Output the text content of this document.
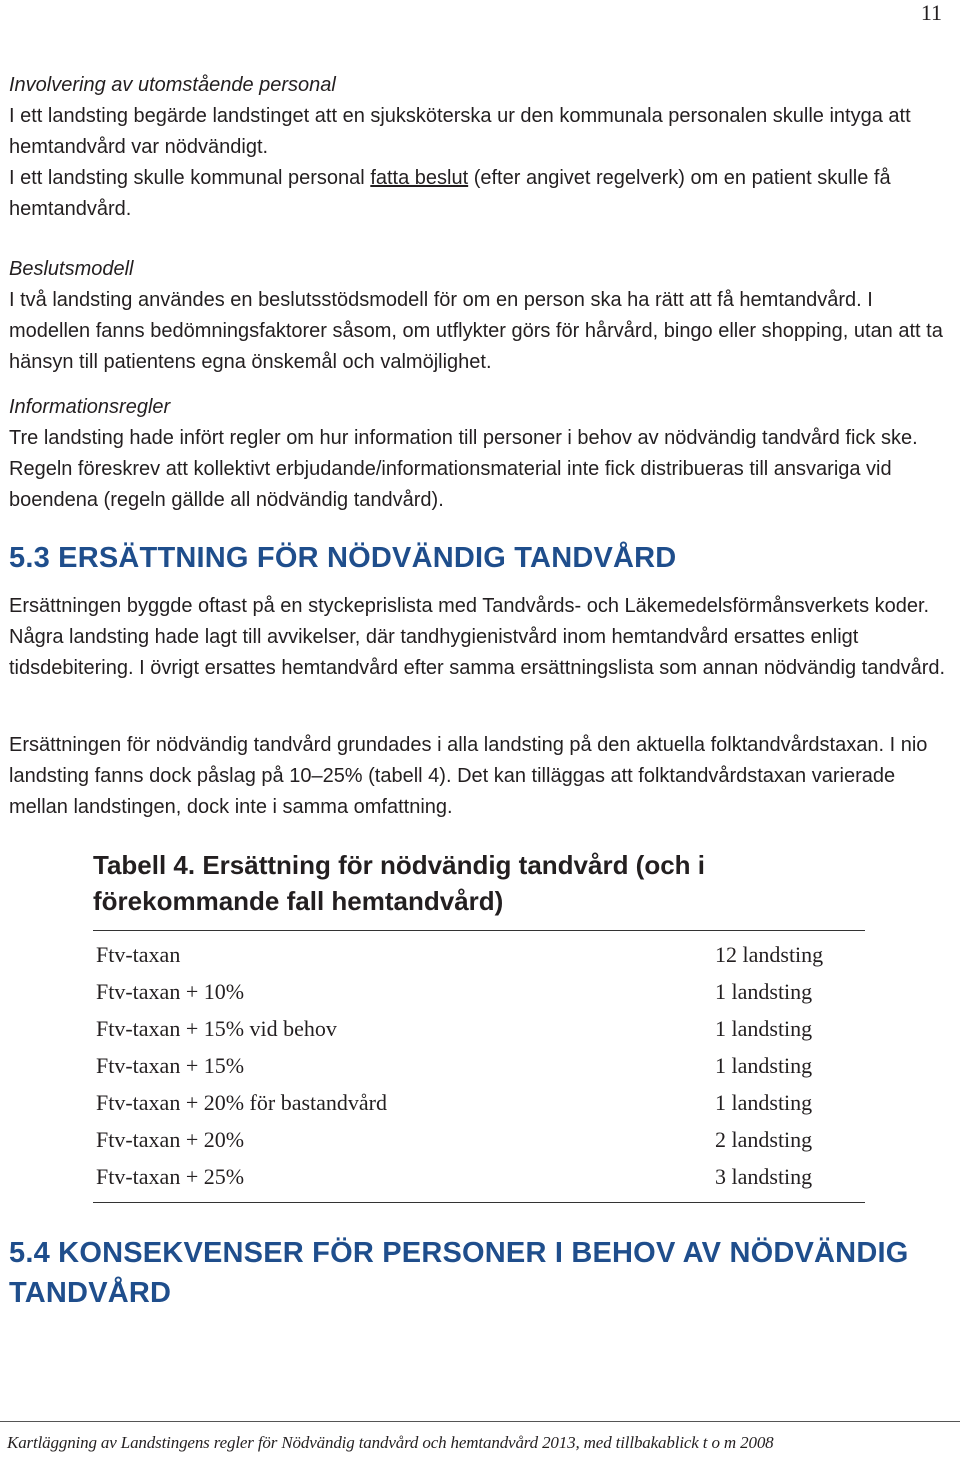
11
Involvering av utomstående personal
I ett landsting begärde landstinget att en sjuksköterska ur den kommunala personalen skulle intyga att hemtandvård var nödvändigt.
I ett landsting skulle kommunal personal fatta beslut (efter angivet regelverk) om en patient skulle få hemtandvård.
Beslutsmodell
I två landsting användes en beslutsstödsmodell för om en person ska ha rätt att få hemtandvård. I modellen fanns bedömningsfaktorer såsom, om utflykter görs för hårvård, bingo eller shopping, utan att ta hänsyn till patientens egna önskemål och valmöjlighet.
Informationsregler
Tre landsting hade infört regler om hur information till personer i behov av nödvändig tandvård fick ske. Regeln föreskrev att kollektivt erbjudande/informationsmaterial inte fick distribueras till ansvariga vid boendena (regeln gällde all nödvändig tandvård).
5.3 ERSÄTTNING FÖR NÖDVÄNDIG TANDVÅRD
Ersättningen byggde oftast på en styckeprislista med Tandvårds- och Läkemedelsförmånsverkets koder. Några landsting hade lagt till avvikelser, där tandhygienistvård inom hemtandvård ersattes enligt tidsdebitering. I övrigt ersattes hemtandvård efter samma ersättningslista som annan nödvändig tandvård.
Ersättningen för nödvändig tandvård grundades i alla landsting på den aktuella folktandvårdstaxan. I nio landsting fanns dock påslag på 10–25% (tabell 4). Det kan tilläggas att folktandvårdstaxan varierade mellan landstingen, dock inte i samma omfattning.
Tabell 4. Ersättning för nödvändig tandvård (och i förekommande fall hemtandvård)
Ftv-taxan	12 landsting
Ftv-taxan + 10%	1 landsting
Ftv-taxan + 15% vid behov	1 landsting
Ftv-taxan + 15%	1 landsting
Ftv-taxan + 20% för bastandvård	1 landsting
Ftv-taxan + 20%	2 landsting
Ftv-taxan + 25%	3 landsting
5.4 KONSEKVENSER FÖR PERSONER I BEHOV AV NÖDVÄNDIG TANDVÅRD
Kartläggning av Landstingens regler för Nödvändig tandvård och hemtandvård 2013, med tillbakablick t o m 2008
